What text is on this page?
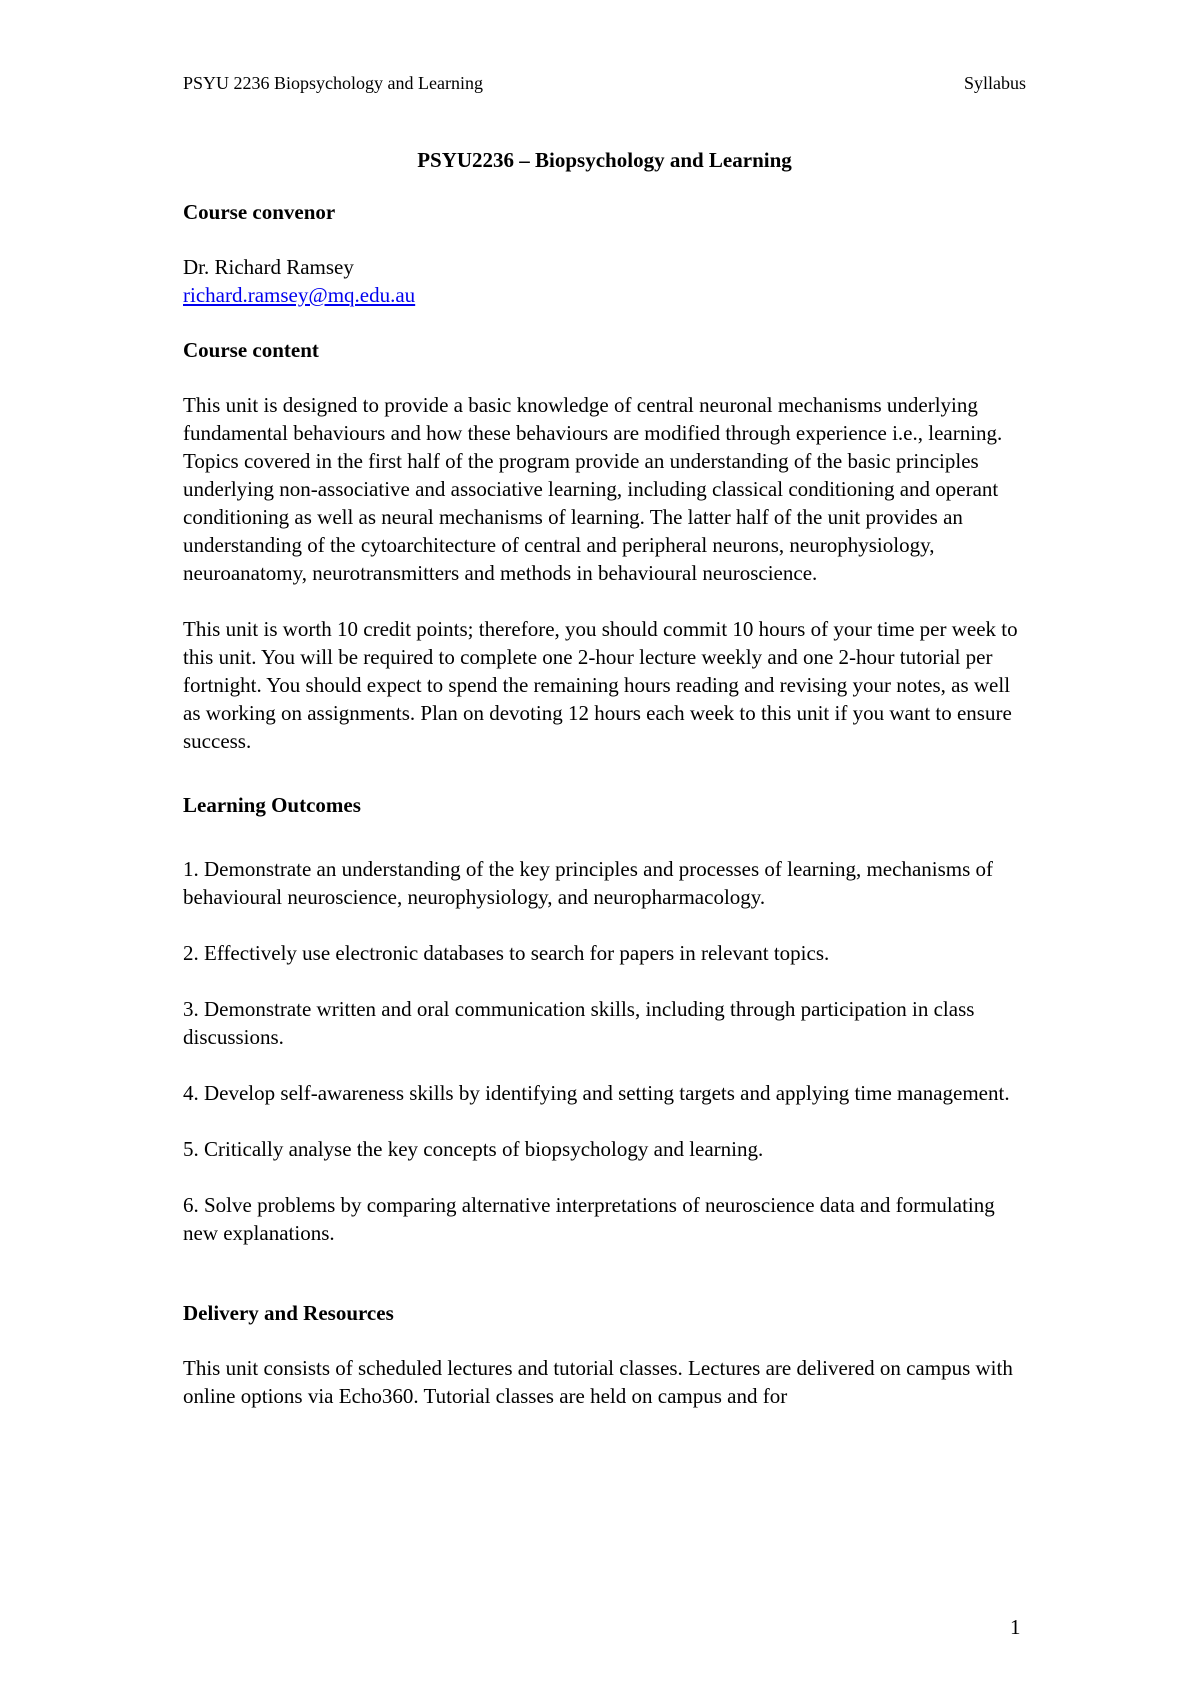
PSYU 2236 Biopsychology and Learning	Syllabus

PSYU2236 – Biopsychology and Learning

Course convenor

Dr. Richard Ramsey

richard.ramsey@mq.edu.au

Course content

This unit is designed to provide a basic knowledge of central neuronal mechanisms underlying fundamental behaviours and how these behaviours are modified through experience i.e., learning. Topics covered in the first half of the program provide an understanding of the basic principles underlying non-associative and associative learning, including classical conditioning and operant conditioning as well as neural mechanisms of learning. The latter half of the unit provides an understanding of the cytoarchitecture of central and peripheral neurons, neurophysiology, neuroanatomy, neurotransmitters and methods in behavioural neuroscience.

This unit is worth 10 credit points; therefore, you should commit 10 hours of your time per week to this unit. You will be required to complete one 2-hour lecture weekly and one 2-hour tutorial per fortnight. You should expect to spend the remaining hours reading and revising your notes, as well as working on assignments. Plan on devoting 12 hours each week to this unit if you want to ensure success.

Learning Outcomes

1. Demonstrate an understanding of the key principles and processes of learning, mechanisms of behavioural neuroscience, neurophysiology, and neuropharmacology.

2. Effectively use electronic databases to search for papers in relevant topics.

3. Demonstrate written and oral communication skills, including through participation in class discussions.

4. Develop self-awareness skills by identifying and setting targets and applying time management.

5. Critically analyse the key concepts of biopsychology and learning.

6. Solve problems by comparing alternative interpretations of neuroscience data and formulating new explanations.

Delivery and Resources

This unit consists of scheduled lectures and tutorial classes. Lectures are delivered on campus with online options via Echo360. Tutorial classes are held on campus and for

1
